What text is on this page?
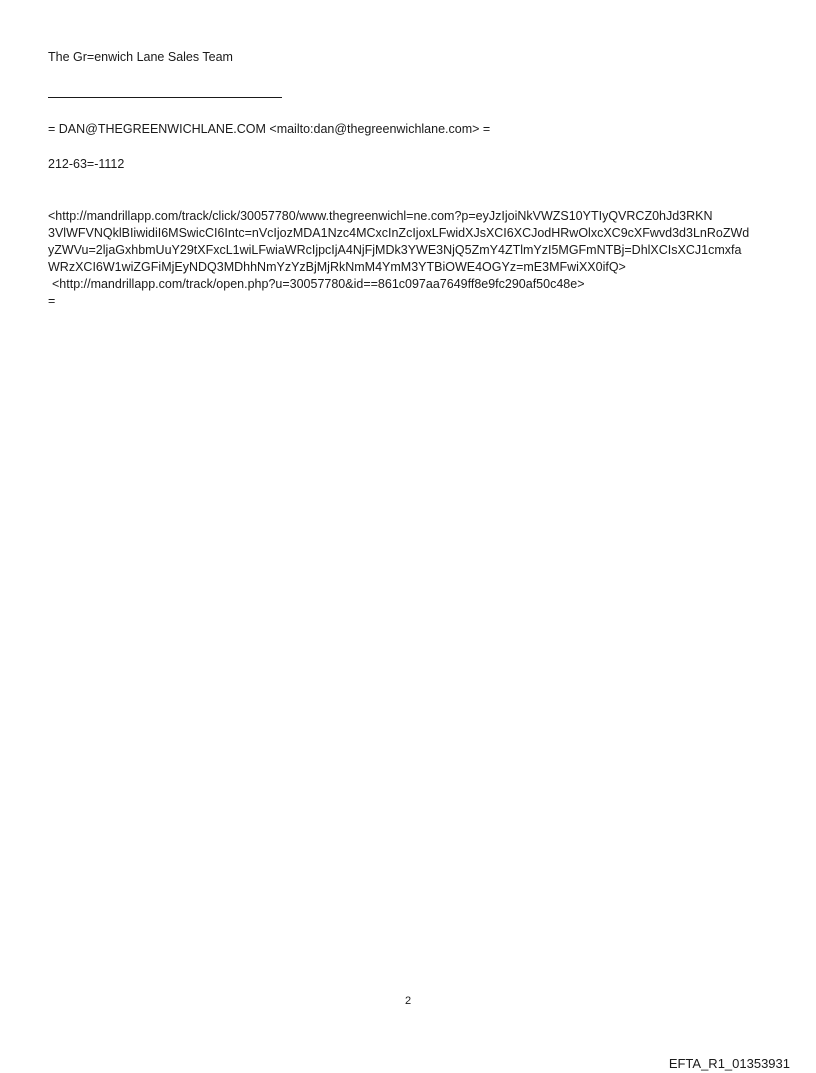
The Gr=enwich Lane Sales Team
= DAN@THEGREENWICHLANE.COM <mailto:dan@thegreenwichlane.com> =
212-63=-1112
<http://mandrillapp.com/track/click/30057780/www.thegreenwichl=ne.com?p=eyJzIjoiNkVWZS10YTIyQVRCZ0hJd3RKN
3VlWFVNQklBIiwidiI6MSwicCI6Intc=nVcIjozMDA1Nzc4MCxcInZcIjoxLFwidXJsXCI6XCJodHRwOlxcXC9cXFwvd3d3LnRoZWd
yZWVu=2ljaGxhbmUuY29tXFxcL1wiLFwiaWRcIjpcIjA4NjFjMDk3YWE3NjQ5ZmY4ZTlmYzI5MGFmNTBj=DhlXCIsXCJ1cmxfa
WRzXCI6W1wiZGFiMjEyNDQ3MDhhNmYzYzBjMjRkNmM4YmM3YTBiOWE4OGYz=mE3MFwiXX0ifQ>
<http://mandrillapp.com/track/open.php?u=30057780&id==861c097aa7649ff8e9fc290af50c48e>
=
2
EFTA_R1_01353931
